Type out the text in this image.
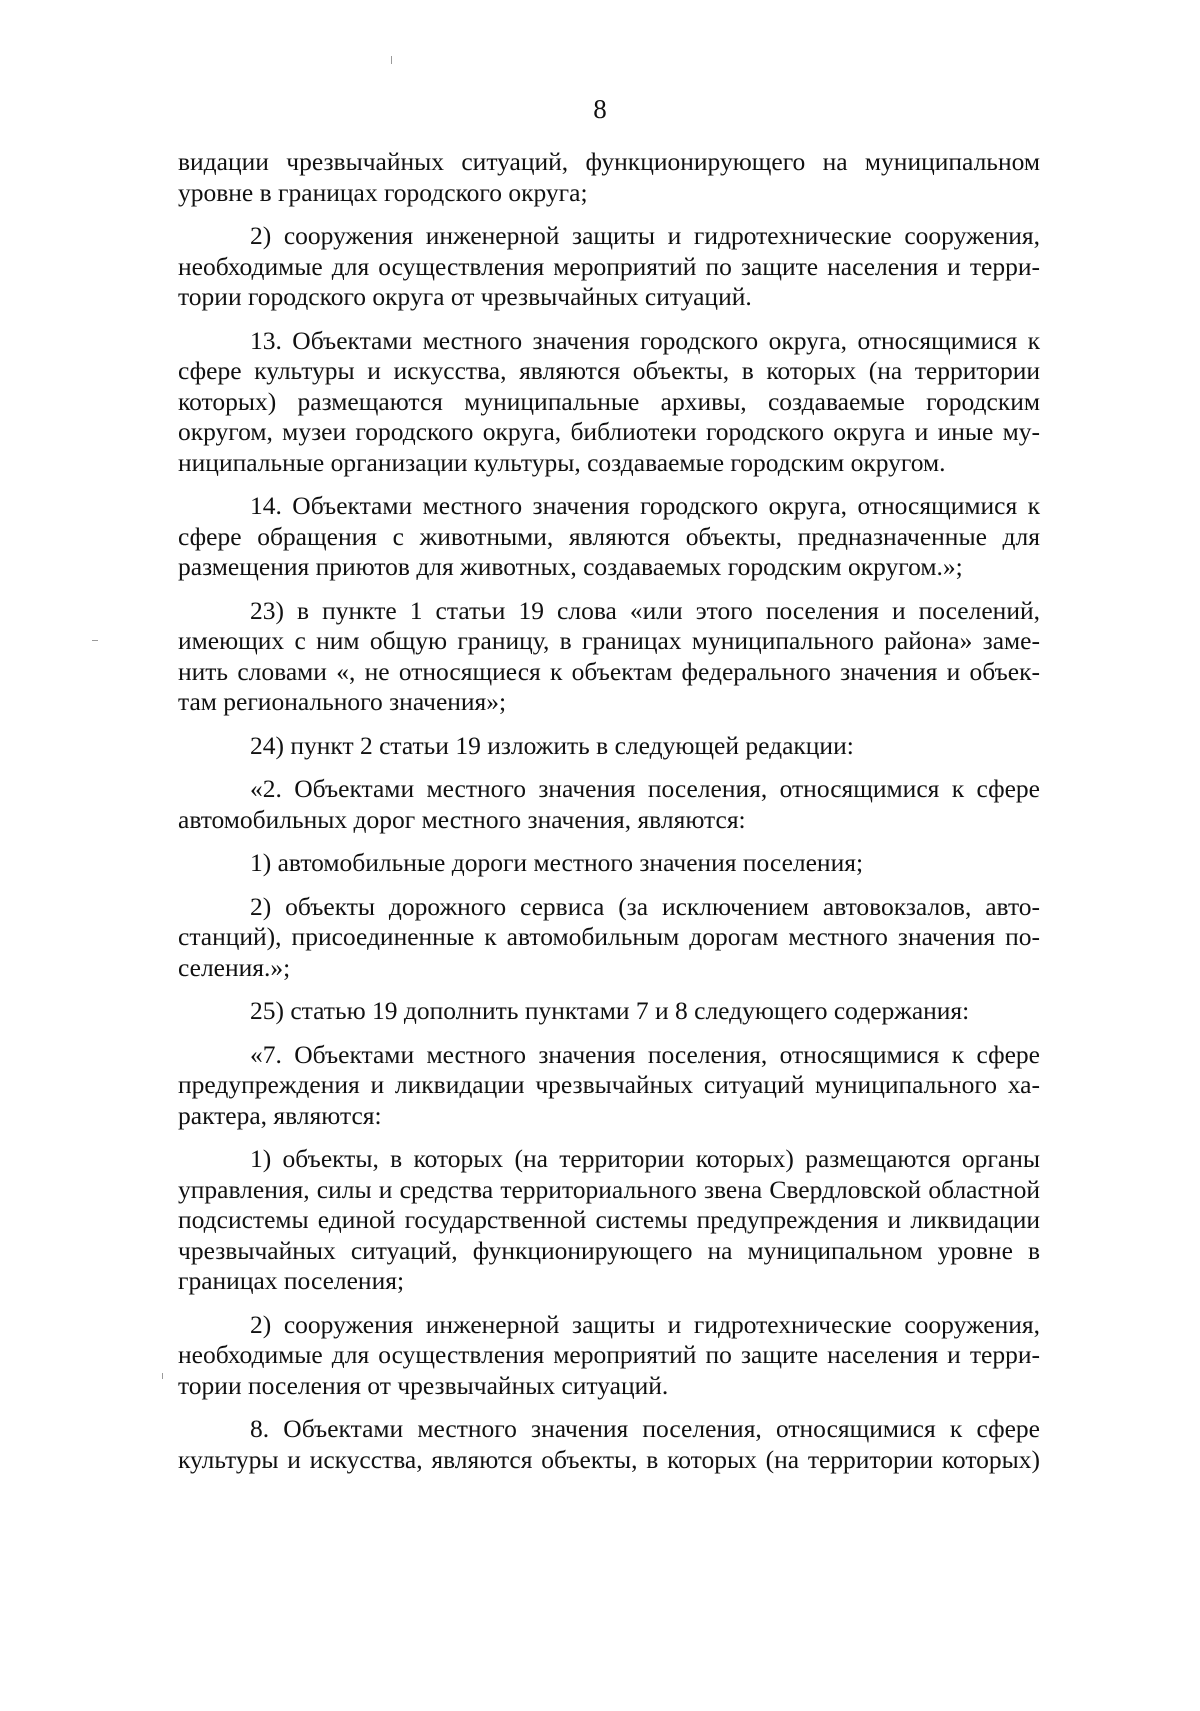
8

видации чрезвычайных ситуаций, функционирующего на муниципальном уровне в границах городского округа;

2) сооружения инженерной защиты и гидротехнические сооружения, необходимые для осуществления мероприятий по защите населения и территории городского округа от чрезвычайных ситуаций.

13. Объектами местного значения городского округа, относящимися к сфере культуры и искусства, являются объекты, в которых (на территории которых) размещаются муниципальные архивы, создаваемые городским округом, музеи городского округа, библиотеки городского округа и иные муниципальные организации культуры, создаваемые городским округом.

14. Объектами местного значения городского округа, относящимися к сфере обращения с животными, являются объекты, предназначенные для размещения приютов для животных, создаваемых городским округом.»;

23) в пункте 1 статьи 19 слова «или этого поселения и поселений, имеющих с ним общую границу, в границах муниципального района» заменить словами «, не относящиеся к объектам федерального значения и объектам регионального значения»;

24) пункт 2 статьи 19 изложить в следующей редакции:

«2. Объектами местного значения поселения, относящимися к сфере автомобильных дорог местного значения, являются:

1) автомобильные дороги местного значения поселения;

2) объекты дорожного сервиса (за исключением автовокзалов, автостанций), присоединенные к автомобильным дорогам местного значения поселения.»;

25) статью 19 дополнить пунктами 7 и 8 следующего содержания:

«7. Объектами местного значения поселения, относящимися к сфере предупреждения и ликвидации чрезвычайных ситуаций муниципального характера, являются:

1) объекты, в которых (на территории которых) размещаются органы управления, силы и средства территориального звена Свердловской областной подсистемы единой государственной системы предупреждения и ликвидации чрезвычайных ситуаций, функционирующего на муниципальном уровне в границах поселения;

2) сооружения инженерной защиты и гидротехнические сооружения, необходимые для осуществления мероприятий по защите населения и территории поселения от чрезвычайных ситуаций.

8. Объектами местного значения поселения, относящимися к сфере культуры и искусства, являются объекты, в которых (на территории которых)
